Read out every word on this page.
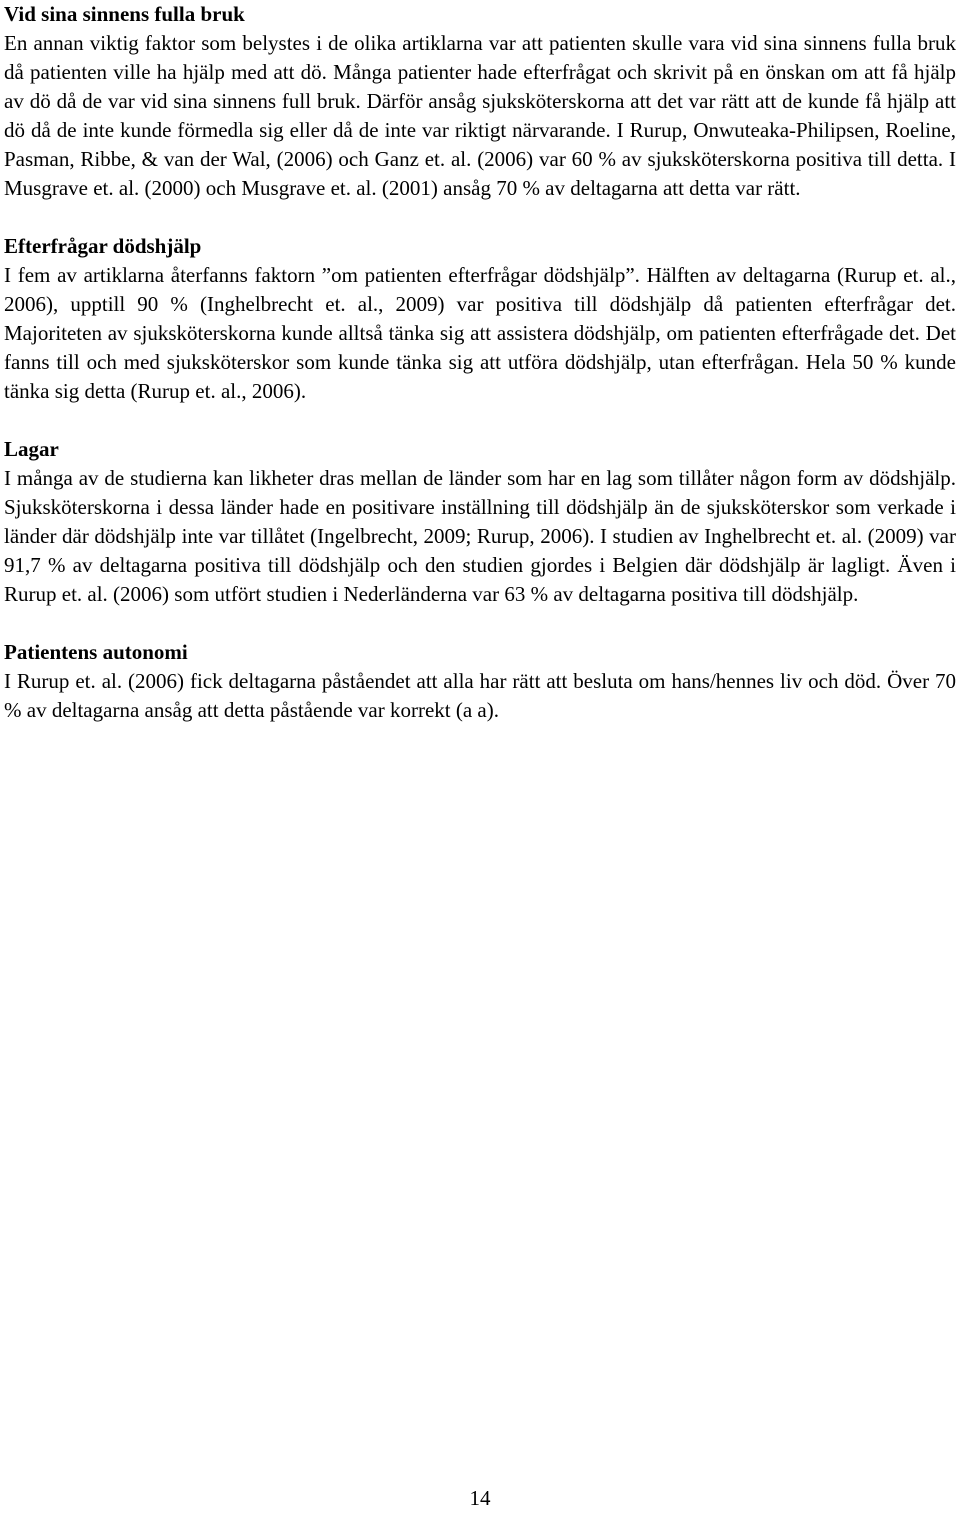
Vid sina sinnens fulla bruk

En annan viktig faktor som belystes i de olika artiklarna var att patienten skulle vara vid sina sinnens fulla bruk då patienten ville ha hjälp med att dö. Många patienter hade efterfrågat och skrivit på en önskan om att få hjälp av dö då de var vid sina sinnens full bruk. Därför ansåg sjuksköterskorna att det var rätt att de kunde få hjälp att dö då de inte kunde förmedla sig eller då de inte var riktigt närvarande. I Rurup, Onwuteaka-Philipsen, Roeline, Pasman, Ribbe, & van der Wal, (2006) och Ganz et. al. (2006) var 60 % av sjuksköterskorna positiva till detta. I Musgrave et. al. (2000) och Musgrave et. al. (2001) ansåg 70 % av deltagarna att detta var rätt.

Efterfrågar dödshjälp

I fem av artiklarna återfanns faktorn ”om patienten efterfrågar dödshjälp”. Hälften av deltagarna (Rurup et. al., 2006), upptill 90 % (Inghelbrecht et. al., 2009) var positiva till dödshjälp då patienten efterfrågar det. Majoriteten av sjuksköterskorna kunde alltså tänka sig att assistera dödshjälp, om patienten efterfrågade det. Det fanns till och med sjuksköterskor som kunde tänka sig att utföra dödshjälp, utan efterfrågan. Hela 50 % kunde tänka sig detta (Rurup et. al., 2006).

Lagar

I många av de studierna kan likheter dras mellan de länder som har en lag som tillåter någon form av dödshjälp. Sjuksköterskorna i dessa länder hade en positivare inställning till dödshjälp än de sjuksköterskor som verkade i länder där dödshjälp inte var tillåtet (Ingelbrecht, 2009; Rurup, 2006). I studien av Inghelbrecht et. al. (2009) var 91,7 % av deltagarna positiva till dödshjälp och den studien gjordes i Belgien där dödshjälp är lagligt. Även i Rurup et. al. (2006) som utfört studien i Nederländerna var 63 % av deltagarna positiva till dödshjälp.

Patientens autonomi

I Rurup et. al. (2006) fick deltagarna påståendet att alla har rätt att besluta om hans/hennes liv och död. Över 70 % av deltagarna ansåg att detta påstående var korrekt (a a).

14
